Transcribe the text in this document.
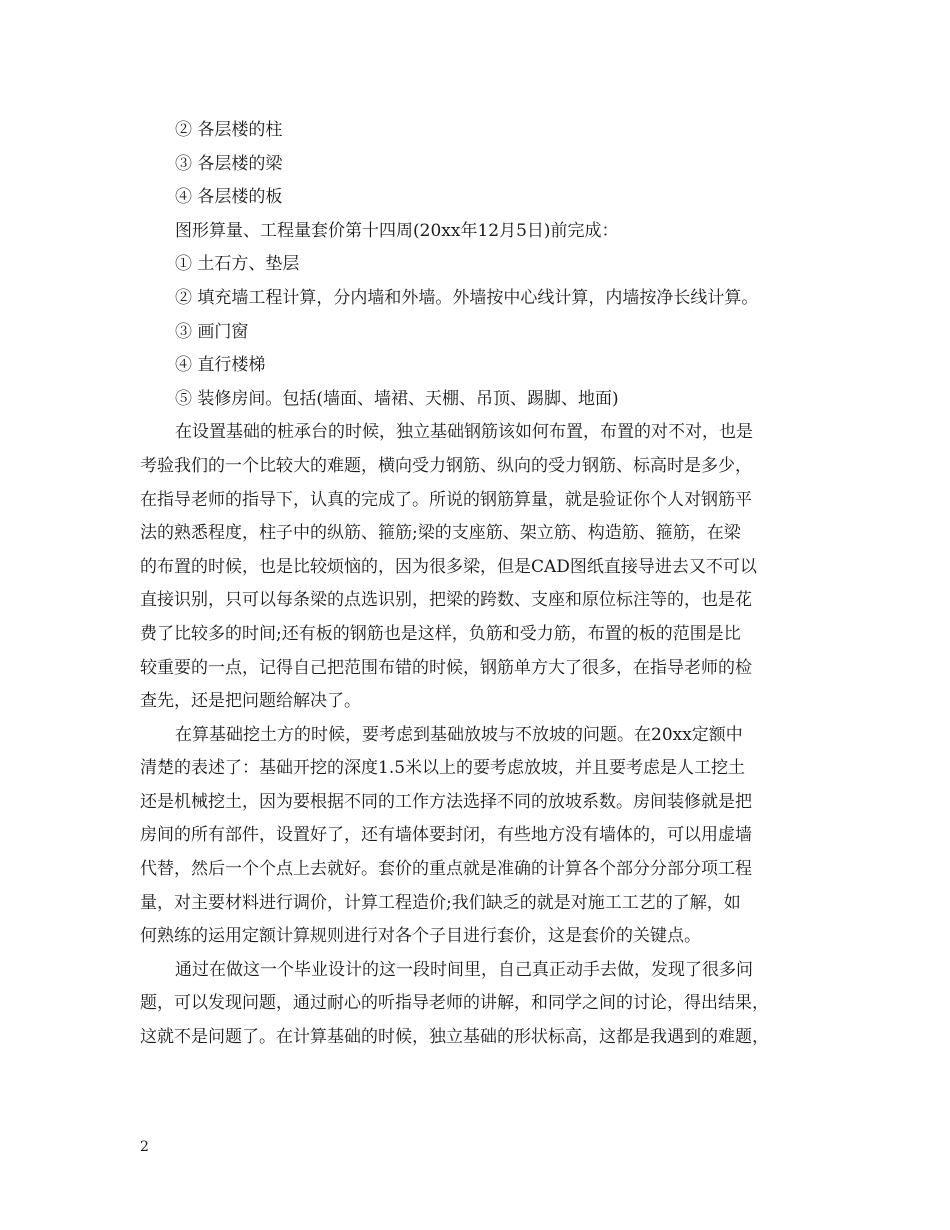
② 各层楼的柱
③ 各层楼的梁
④ 各层楼的板
图形算量、工程量套价第十四周(20xx年12月5日)前完成：
① 土石方、垫层
② 填充墙工程计算，分内墙和外墙。外墙按中心线计算，内墙按净长线计算。
③ 画门窗
④ 直行楼梯
⑤ 装修房间。包括(墙面、墙裙、天棚、吊顶、踢脚、地面)
在设置基础的桩承台的时候，独立基础钢筋该如何布置，布置的对不对，也是
考验我们的一个比较大的难题，横向受力钢筋、纵向的受力钢筋、标高时是多少，
在指导老师的指导下，认真的完成了。所说的钢筋算量，就是验证你个人对钢筋平
法的熟悉程度，柱子中的纵筋、箍筋;梁的支座筋、架立筋、构造筋、箍筋，在梁
的布置的时候，也是比较烦恼的，因为很多梁，但是CAD图纸直接导进去又不可以
直接识别，只可以每条梁的点选识别，把梁的跨数、支座和原位标注等的，也是花
费了比较多的时间;还有板的钢筋也是这样，负筋和受力筋，布置的板的范围是比
较重要的一点，记得自己把范围布错的时候，钢筋单方大了很多，在指导老师的检
查先，还是把问题给解决了。
在算基础挖土方的时候，要考虑到基础放坡与不放坡的问题。在20xx定额中
清楚的表述了：基础开挖的深度1.5米以上的要考虑放坡，并且要考虑是人工挖土
还是机械挖土，因为要根据不同的工作方法选择不同的放坡系数。房间装修就是把
房间的所有部件，设置好了，还有墙体要封闭，有些地方没有墙体的，可以用虚墙
代替，然后一个个点上去就好。套价的重点就是准确的计算各个部分分部分项工程
量，对主要材料进行调价，计算工程造价;我们缺乏的就是对施工工艺的了解，如
何熟练的运用定额计算规则进行对各个子目进行套价，这是套价的关键点。
通过在做这一个毕业设计的这一段时间里，自己真正动手去做，发现了很多问
题，可以发现问题，通过耐心的听指导老师的讲解，和同学之间的讨论，得出结果，
这就不是问题了。在计算基础的时候，独立基础的形状标高，这都是我遇到的难题，
2
